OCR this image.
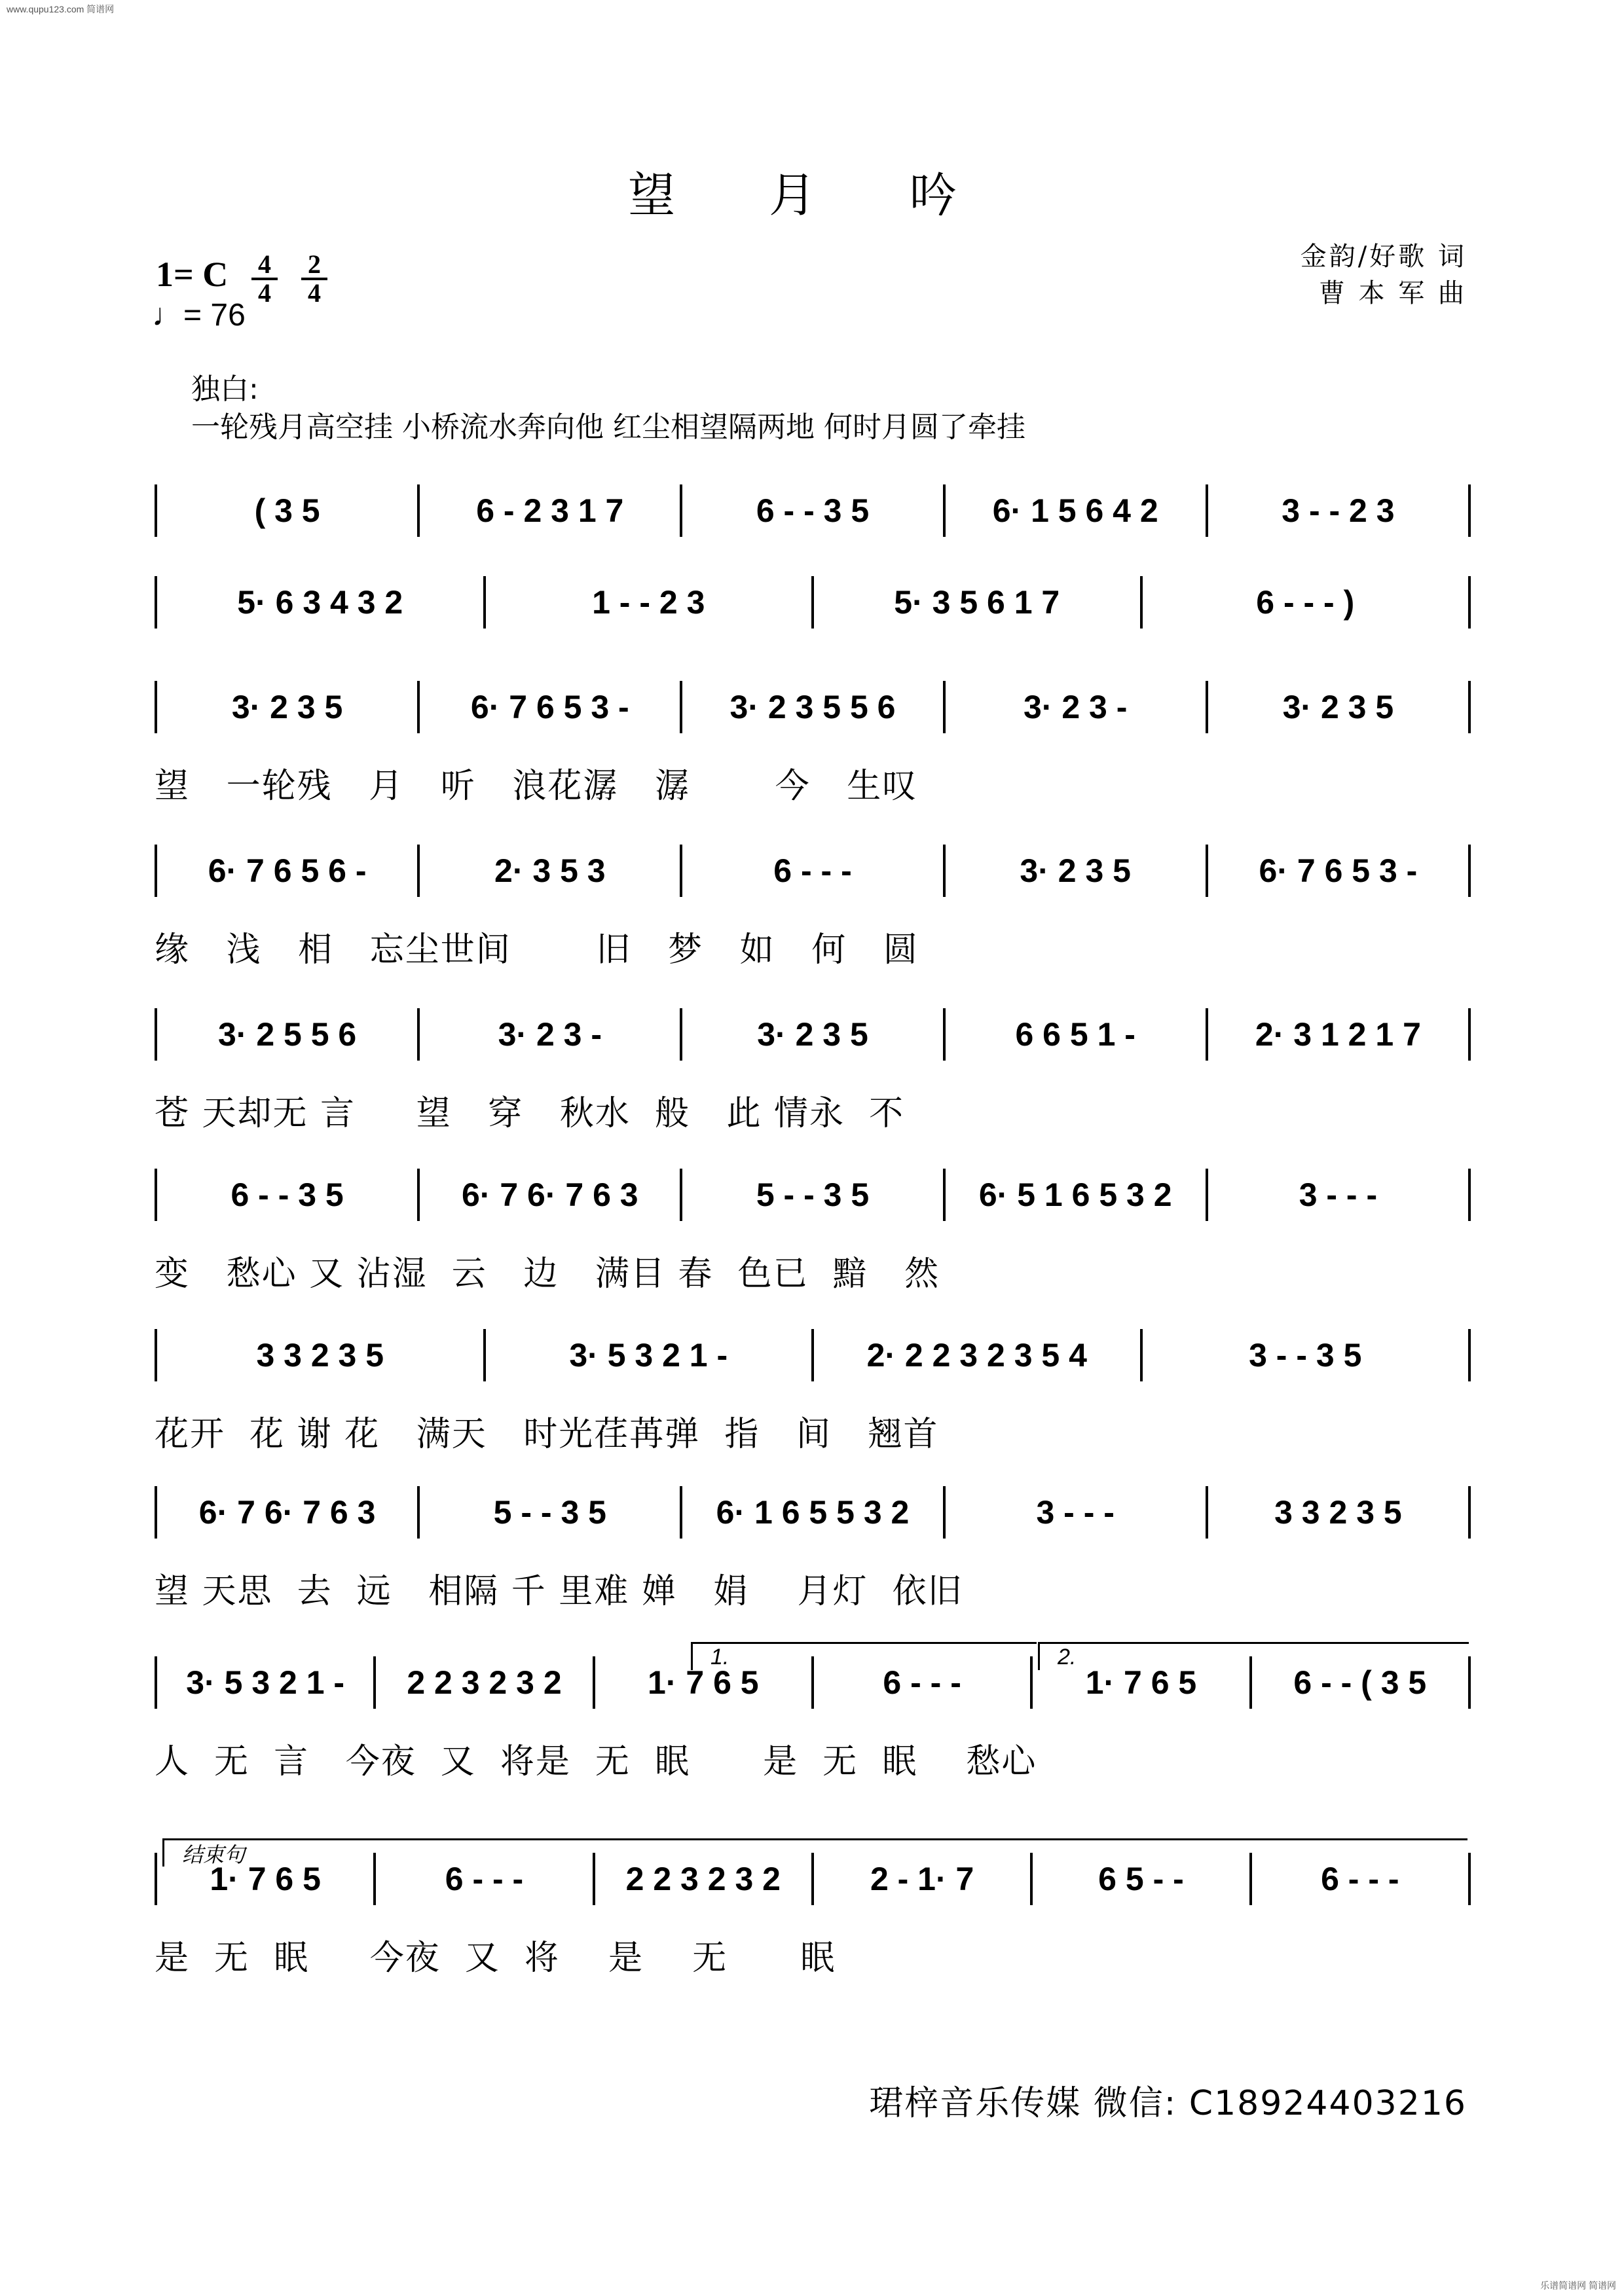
www.qupu123.com 简谱网
乐谱简谱网 简谱网
望 月 吟
1= C 4
4
2
4
♩= 76
金韵/好歌 词
曹 本 军 曲
独白:
一轮残月高空挂 小桥流水奔向他 红尘相望隔两地 何时月圆了牵挂
( 3 5	6 - 2 3 1 7	6 - - 3 5	6· 1 5 6 4 2	3 - - 2 3
5· 6 3 4 3 2	1 - - 2 3	5· 3 5 6 1 7	6 - - - )
3· 2 3 5	6· 7 6 5 3 -	3· 2 3 5 5 6	3· 2 3 -	3· 2 3 5
望   一轮残   月   听   浪花潺   潺       今   生叹
6· 7 6 5 6 -	2· 3 5 3	6 - - -	3· 2 3 5	6· 7 6 5 3 -
缘   浅   相   忘尘世间       旧   梦   如   何   圆
3· 2 5 5 6	3· 2 3 -	3· 2 3 5	6 6 5 1 -	2· 3 1 2 1 7
苍 天却无 言     望   穿   秋水  般   此 情永  不
6 - - 3 5	6· 7 6· 7 6 3	5 - - 3 5	6· 5 1 6 5 3 2	3 - - -
变   愁心 又 沾湿  云   边   满目 春  色已  黯   然
3 3 2 3 5	3· 5 3 2 1 -	2· 2 2 3 2 3 5 4	3 - - 3 5
花开  花 谢 花   满天   时光荏苒弹  指   间   翘首
6· 7 6· 7 6 3	5 - - 3 5	6· 1 6 5 5 3 2	3 - - -	3 3 2 3 5
望 天思  去  远   相隔 千 里难 婵   娟    月灯  依旧
3· 5 3 2 1 -	2 2 3 2 3 2	1· 7 6 5	6 - - -	1· 7 6 5	6 - - ( 3 5
人  无  言   今夜  又  将是  无  眠      是  无  眠    愁心
1· 7 6 5	6 - - -	2 2 3 2 3 2	2 - 1· 7	6 5 - -	6 - - -
是  无  眠     今夜  又  将    是    无      眠
珺梓音乐传媒 微信: C18924403216
1.	2.
结束句
